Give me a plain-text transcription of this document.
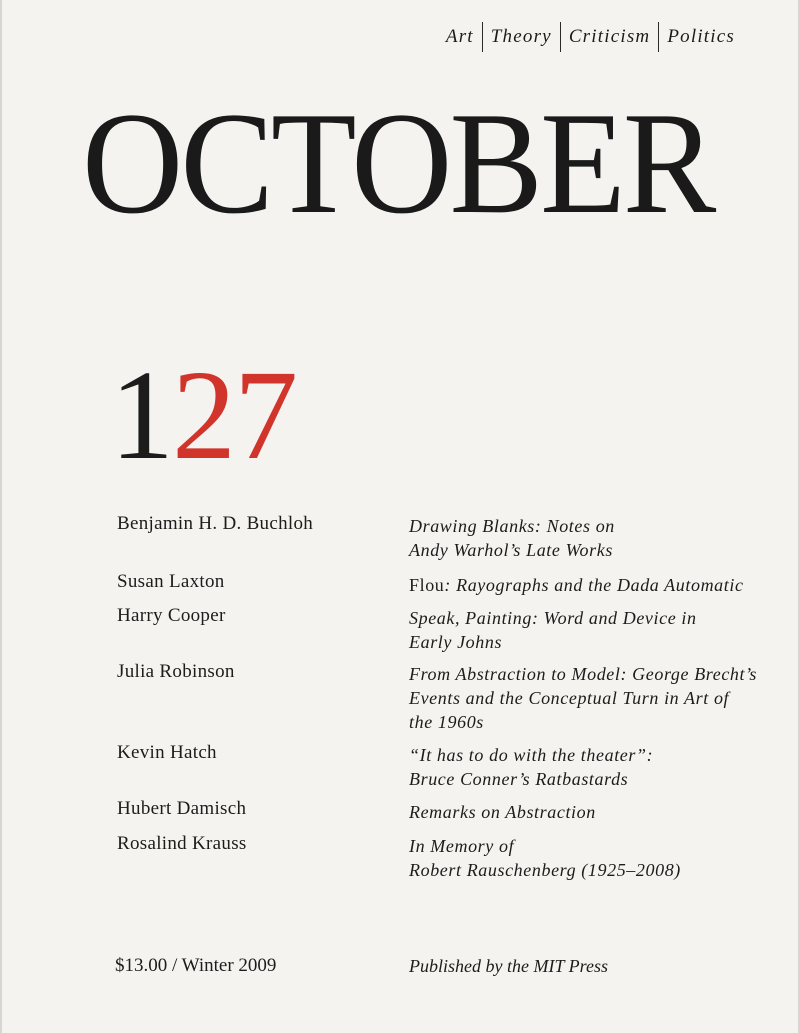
Art Theory Criticism Politics
OCTOBER
127
Benjamin H. D. Buchloh	Drawing Blanks: Notes on
Andy Warhol’s Late Works
Susan Laxton	Flou: Rayographs and the Dada Automatic
Harry Cooper	Speak, Painting: Word and Device in
Early Johns
Julia Robinson	From Abstraction to Model: George Brecht’s
Events and the Conceptual Turn in Art of
the 1960s
Kevin Hatch	“It has to do with the theater”:
Bruce Conner’s Ratbastards
Hubert Damisch	Remarks on Abstraction
Rosalind Krauss	In Memory of
Robert Rauschenberg (1925–2008)
$13.00 / Winter 2009	Published by the MIT Press
